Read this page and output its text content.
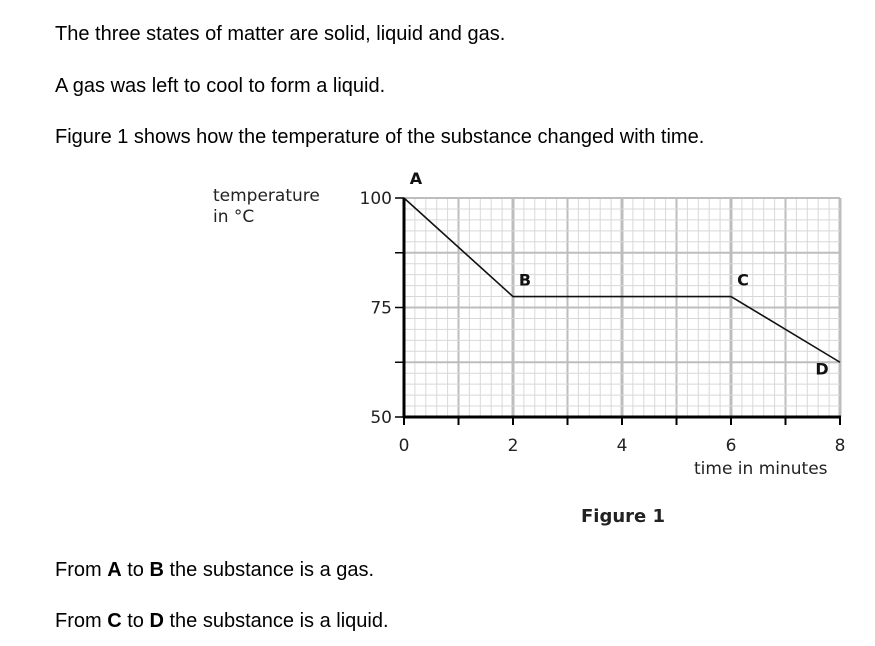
The three states of matter are solid, liquid and gas.

A gas was left to cool to form a liquid.

Figure 1 shows how the temperature of the substance changed with time.

temperature
in °C
time in minutes
Figure 1
0	2	4	6	8
50
75
100
A
B	C
D

From A to B the substance is a gas.

From C to D the substance is a liquid.
